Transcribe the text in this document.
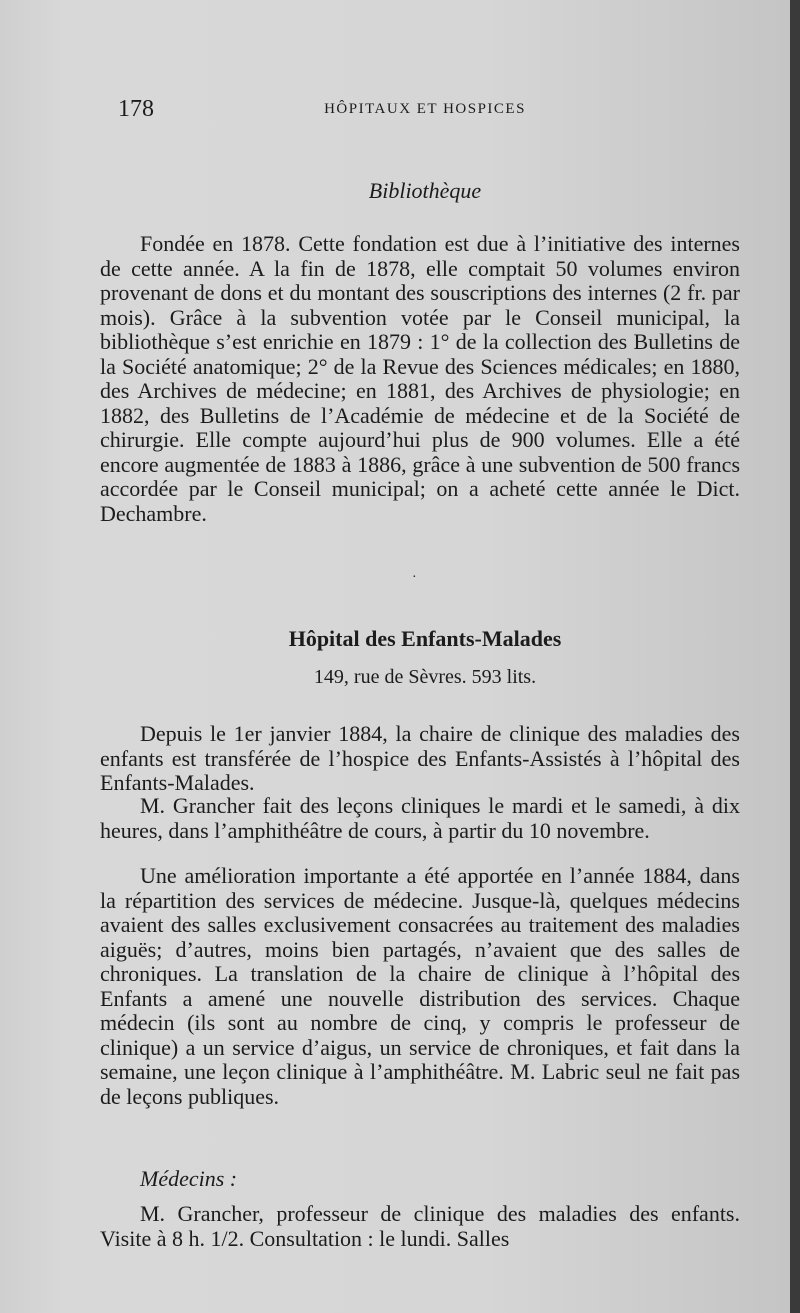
178	HÔPITAUX ET HOSPICES
Bibliothèque

Fondée en 1878. Cette fondation est due à l’initiative des internes de cette année. A la fin de 1878, elle comptait 50 volumes environ provenant de dons et du montant des souscriptions des internes (2 fr. par mois). Grâce à la subvention votée par le Conseil municipal, la bibliothèque s’est enrichie en 1879 : 1° de la collection des Bulletins de la Société anatomique; 2° de la Revue des Sciences médicales; en 1880, des Archives de médecine; en 1881, des Archives de physiologie; en 1882, des Bulletins de l’Académie de médecine et de la Société de chirurgie. Elle compte aujourd’hui plus de 900 volumes. Elle a été encore augmentée de 1883 à 1886, grâce à une subvention de 500 francs accordée par le Conseil municipal; on a acheté cette année le Dict. Dechambre.

·
Hôpital des Enfants-Malades
149, rue de Sèvres. 593 lits.

Depuis le 1er janvier 1884, la chaire de clinique des maladies des enfants est transférée de l’hospice des Enfants-Assistés à l’hôpital des Enfants-Malades.

M. Grancher fait des leçons cliniques le mardi et le samedi, à dix heures, dans l’amphithéâtre de cours, à partir du 10 novembre.

Une amélioration importante a été apportée en l’année 1884, dans la répartition des services de médecine. Jusque-là, quelques médecins avaient des salles exclusivement consacrées au traitement des maladies aiguës; d’autres, moins bien partagés, n’avaient que des salles de chroniques. La translation de la chaire de clinique à l’hôpital des Enfants a amené une nouvelle distribution des services. Chaque médecin (ils sont au nombre de cinq, y compris le professeur de clinique) a un service d’aigus, un service de chroniques, et fait dans la semaine, une leçon clinique à l’amphithéâtre. M. Labric seul ne fait pas de leçons publiques.

Médecins :

M. Grancher, professeur de clinique des maladies des enfants. Visite à 8 h. 1/2. Consultation : le lundi. Salles
